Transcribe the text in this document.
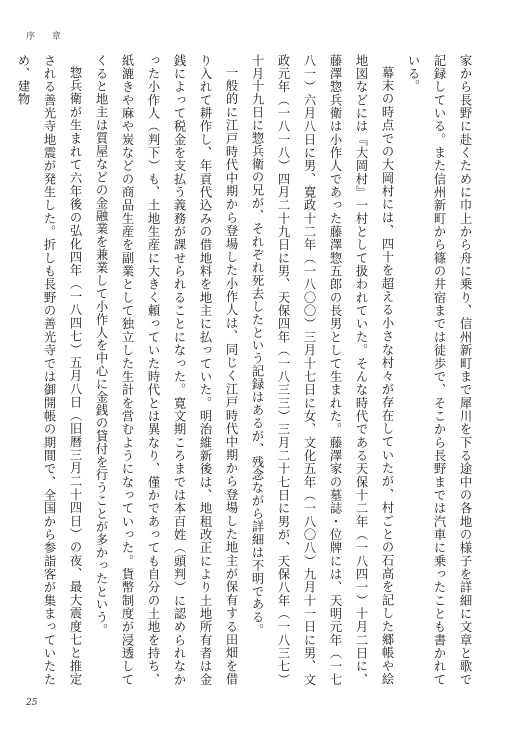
序 章
家から長野に赴くために巾上から舟に乗り、信州新町まで犀川を下る途中の各地の様子を詳細に文章と歌で記録している。また信州新町から篠の井宿までは徒歩で、そこから長野までは汽車に乗ったことも書かれている。
幕末の時点での大岡村には、四十を超える小さな村々が存在していたが、村ごとの石高を記した郷帳や絵地図などには『大岡村』一村として扱われていた。そんな時代である天保十二年（一八四一）十月二日に、藤澤惣兵衛は小作人であった藤澤惣五郎の長男として生まれた。藤澤家の墓誌・位牌には、天明元年（一七八一）六月八日に男、寛政十二年（一八〇〇）三月十七日に女、文化五年（一八〇八）九月十一日に男、文政元年（一八一八）四月二十九日に男、天保四年（一八三三）三月二十七日に男が、天保八年（一八三七）十月十九日に惣兵衛の兄が、それぞれ死去したという記録はあるが、残念ながら詳細は不明である。
一般的に江戸時代中期から登場した小作人は、同じく江戸時代中期から登場した地主が保有する田畑を借り入れて耕作し、年貢代込みの借地料を地主に払っていた。明治維新後は、地租改正により土地所有者は金銭によって税金を支払う義務が課せられることになった。寛文期ころまでは本百姓（頭判）に認められなかった小作人（判下）も、土地生産に大きく頼っていた時代とは異なり、僅かであっても自分の土地を持ち、紙漉きや麻や炭などの商品生産を副業として独立した生計を営むようになっていった。貨幣制度が浸透してくると地主は質屋などの金融業を兼業して小作人を中心に金銭の貸付を行うことが多かったという。
惣兵衛が生まれて六年後の弘化四年（一八四七）五月八日（旧暦三月二十四日）の夜、最大震度七と推定される善光寺地震が発生した。折しも長野の善光寺では御開帳の期間で、全国から参詣客が集まっていたため、建物
25
